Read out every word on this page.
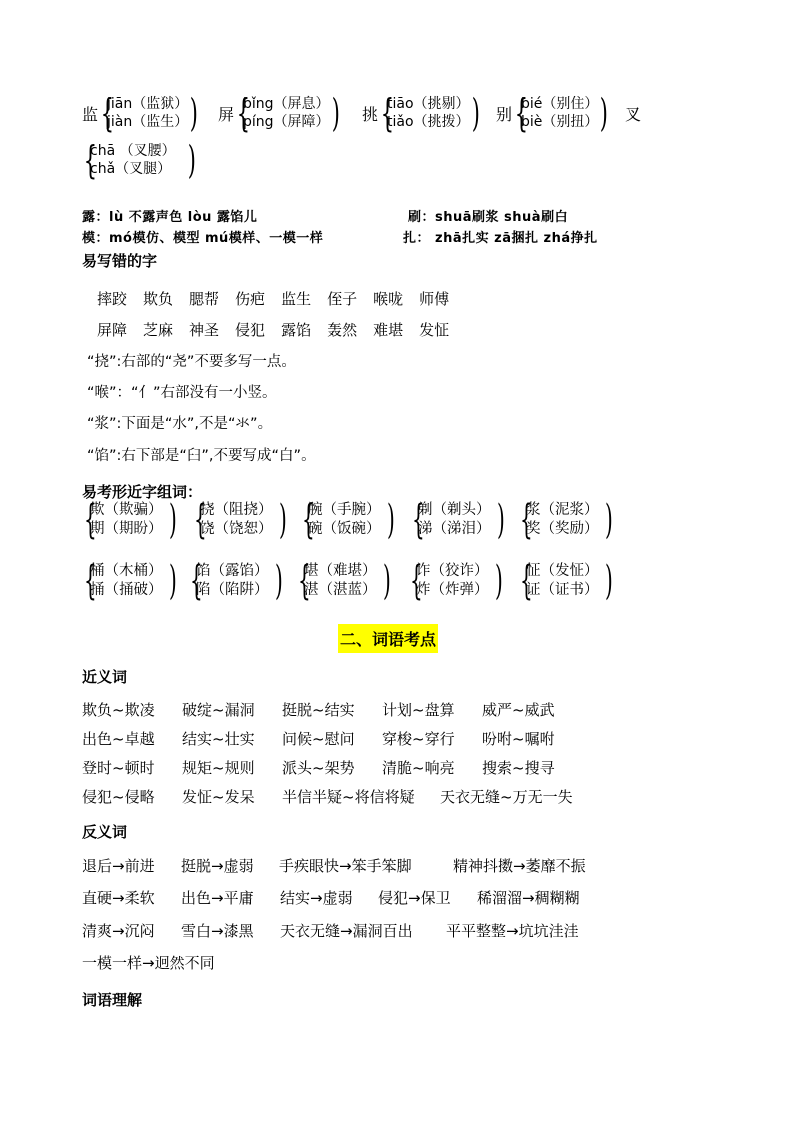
监 {
jiān（监狱）
jiàn（监生） ) 屏 {
bǐng（屏息）
píng（屏障） ) 挑 {
tiāo（挑剔）
tiǎo（挑拨） ) 别 {
bié（别住）
biè（别扭） ) 叉
{
chā （叉腰）
chǎ（叉腿） )
露：lù 不露声色 lòu 露馅儿	刷：shuā刷浆 shuà刷白
模：mó模仿、模型 mú模样、一模一样	扎： zhā扎实 zā捆扎 zhá挣扎
易写错的字
摔跤 欺负 腮帮 伤疤 监生 侄子 喉咙 师傅
屏障 芝麻 神圣 侵犯 露馅 轰然 难堪 发怔
“挠”:右部的“尧”不要多写一点。
“喉”：“亻”右部没有一小竖。
“浆”:下面是“水”,不是“氺”。
“馅”:右下部是“臼”,不要写成“白”。
易考形近字组词：
{
欺（欺骗）
期（期盼） ) {
挠（阻挠）
饶（饶恕） ) {
腕（手腕）
碗（饭碗） ) {
剃（剃头）
涕（涕泪） ) {
浆（泥浆）
奖（奖励） )
{
桶（木桶）
捅（捅破） ) {
馅（露馅）
陷（陷阱） ) {
堪（难堪）
湛（湛蓝） ) {
诈（狡诈）
炸（炸弹） ) {
怔（发怔）
证（证书） )
二、词语考点
近义词
欺负~欺凌 破绽~漏洞 挺脱~结实 计划~盘算 威严~威武
出色~卓越 结实~壮实 问候~慰问 穿梭~穿行 吩咐~嘱咐
登时~顿时 规矩~规则 派头~架势 清脆~响亮 搜索~搜寻
侵犯~侵略 发怔~发呆 半信半疑~将信将疑 天衣无缝~万无一失
反义词
退后→前进 挺脱→虚弱 手疾眼快→笨手笨脚	精神抖擞→萎靡不振
直硬→柔软 出色→平庸 结实→虚弱 侵犯→保卫 稀溜溜→稠糊糊
清爽→沉闷 雪白→漆黑 天衣无缝→漏洞百出 平平整整→坑坑洼洼
一模一样→迥然不同
词语理解
